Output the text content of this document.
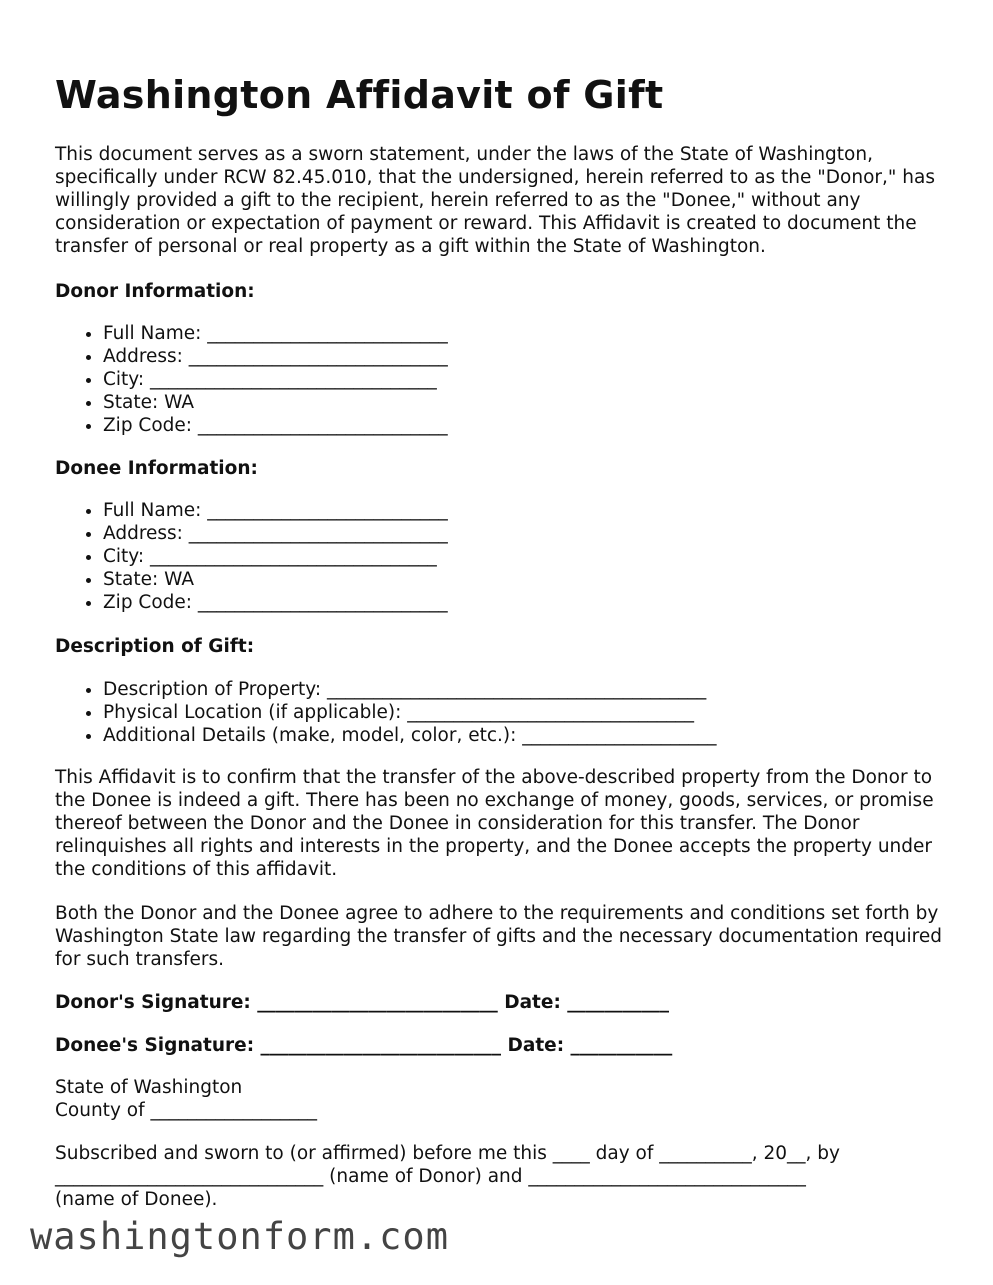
Washington Affidavit of Gift

This document serves as a sworn statement, under the laws of the State of Washington, specifically under RCW 82.45.010, that the undersigned, herein referred to as the "Donor," has willingly provided a gift to the recipient, herein referred to as the "Donee," without any consideration or expectation of payment or reward. This Affidavit is created to document the transfer of personal or real property as a gift within the State of Washington.

Donor Information:

• Full Name: __________________________
• Address: ____________________________
• City: _______________________________
• State: WA
• Zip Code: ___________________________

Donee Information:

• Full Name: __________________________
• Address: ____________________________
• City: _______________________________
• State: WA
• Zip Code: ___________________________

Description of Gift:

• Description of Property: _________________________________________
• Physical Location (if applicable): _______________________________
• Additional Details (make, model, color, etc.): _____________________

This Affidavit is to confirm that the transfer of the above-described property from the Donor to the Donee is indeed a gift. There has been no exchange of money, goods, services, or promise thereof between the Donor and the Donee in consideration for this transfer. The Donor relinquishes all rights and interests in the property, and the Donee accepts the property under the conditions of this affidavit.

Both the Donor and the Donee agree to adhere to the requirements and conditions set forth by Washington State law regarding the transfer of gifts and the necessary documentation required for such transfers.

Donor's Signature: __________________________ Date: ___________

Donee's Signature: __________________________ Date: ___________

State of Washington

County of __________________

Subscribed and sworn to (or affirmed) before me this ____ day of __________, 20__, by

_____________________________ (name of Donor) and ______________________________

(name of Donee).

washingtonform.com
